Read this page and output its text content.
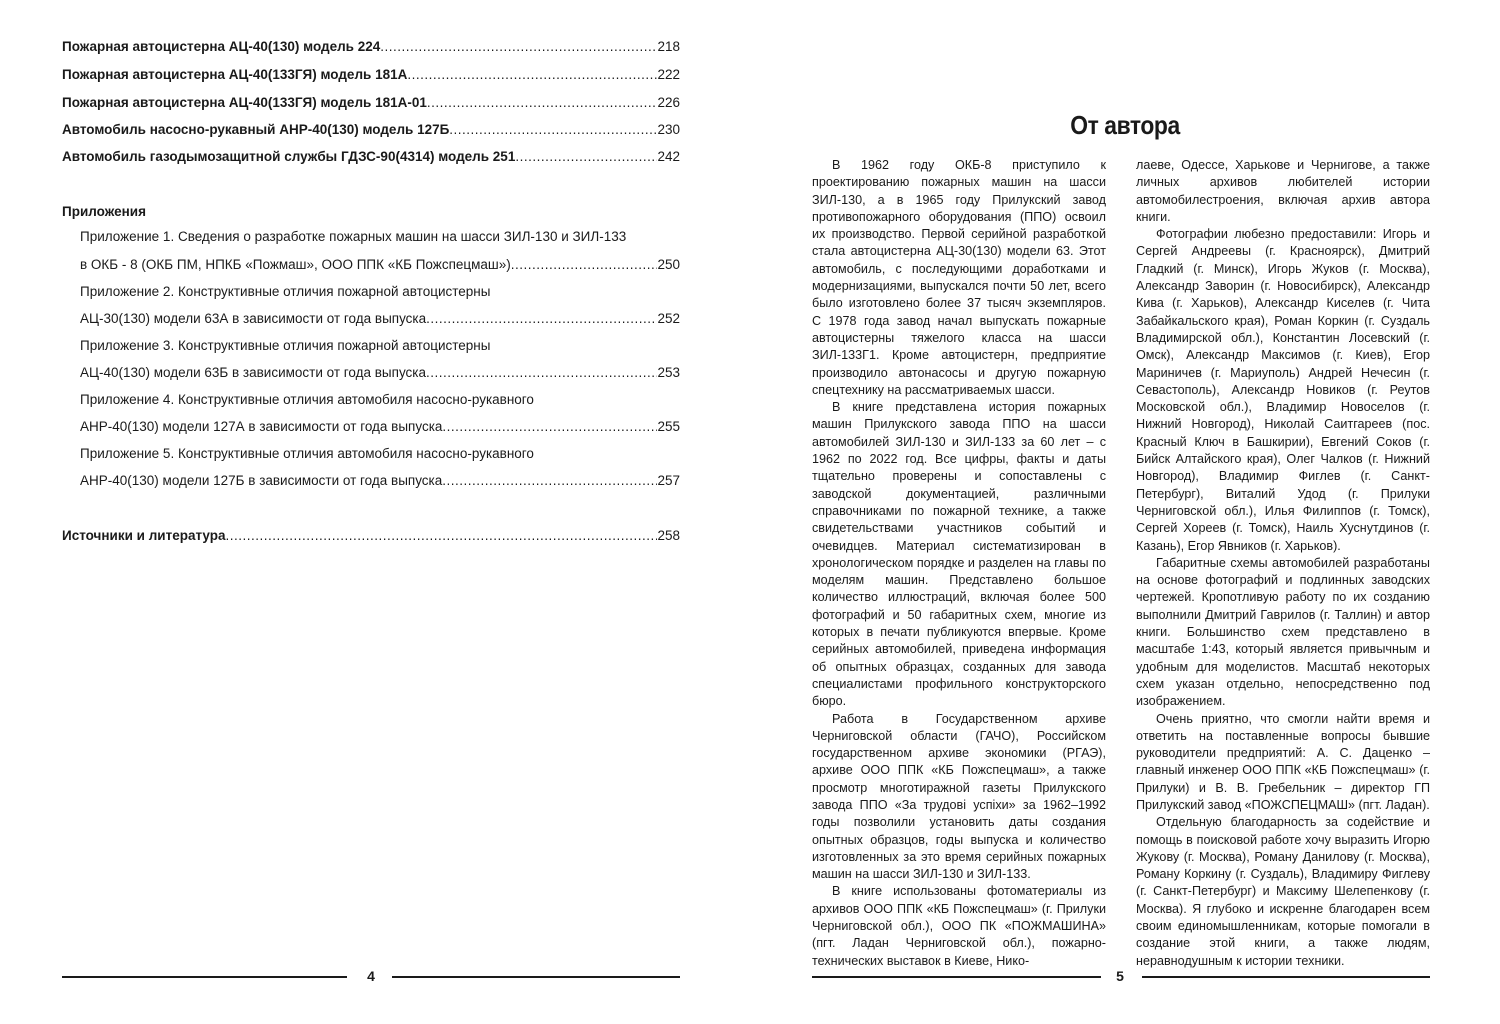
Пожарная автоцистерна АЦ-40(130) модель 224 .....	218
Пожарная автоцистерна АЦ-40(133ГЯ) модель 181А .....	222
Пожарная автоцистерна АЦ-40(133ГЯ) модель 181А-01 .....	226
Автомобиль насосно-рукавный АНР-40(130) модель 127Б .....	230
Автомобиль газодымозащитной службы ГДЗС-90(4314) модель 251 .....	242
Приложения
Приложение 1. Сведения о разработке пожарных машин на шасси ЗИЛ-130 и ЗИЛ-133
в ОКБ - 8 (ОКБ ПМ, НПКБ «Пожмаш», ООО ППК «КБ Пожспецмаш») .....	250
Приложение 2. Конструктивные отличия пожарной автоцистерны
АЦ-30(130) модели 63А в зависимости от года выпуска .....	252
Приложение 3. Конструктивные отличия пожарной автоцистерны
АЦ-40(130) модели 63Б в зависимости от года выпуска .....	253
Приложение 4. Конструктивные отличия автомобиля насосно-рукавного
АНР-40(130) модели 127А в зависимости от года выпуска .....	255
Приложение 5. Конструктивные отличия автомобиля насосно-рукавного
АНР-40(130) модели 127Б в зависимости от года выпуска .....	257
Источники и литература .....	258
4
От автора

В 1962 году ОКБ-8 приступило к проектированию пожарных машин на шасси ЗИЛ-130, а в 1965 году Прилукский завод противопожарного оборудования (ППО) освоил их производство. Первой серийной разработкой стала автоцистерна АЦ-30(130) модели 63. Этот автомобиль, с последующими доработками и модернизациями, выпускался почти 50 лет, всего было изготовлено более 37 тысяч экземпляров. С 1978 года завод начал выпускать пожарные автоцистерны тяжелого класса на шасси ЗИЛ-133Г1. Кроме автоцистерн, предприятие производило автонасосы и другую пожарную спецтехнику на рассматриваемых шасси.

В книге представлена история пожарных машин Прилукского завода ППО на шасси автомобилей ЗИЛ-130 и ЗИЛ-133 за 60 лет – с 1962 по 2022 год. Все цифры, факты и даты тщательно проверены и сопоставлены с заводской документацией, различными справочниками по пожарной технике, а также свидетельствами участников событий и очевидцев. Материал систематизирован в хронологическом порядке и разделен на главы по моделям машин. Представлено большое количество иллюстраций, включая более 500 фотографий и 50 габаритных схем, многие из которых в печати публикуются впервые. Кроме серийных автомобилей, приведена информация об опытных образцах, созданных для завода специалистами профильного конструкторского бюро.

Работа в Государственном архиве Черниговской области (ГАЧО), Российском государственном архиве экономики (РГАЭ), архиве ООО ППК «КБ Пожспецмаш», а также просмотр многотиражной газеты Прилукского завода ППО «За трудові успіхи» за 1962–1992 годы позволили установить даты создания опытных образцов, годы выпуска и количество изготовленных за это время серийных пожарных машин на шасси ЗИЛ-130 и ЗИЛ-133.

В книге использованы фотоматериалы из архивов ООО ППК «КБ Пожспецмаш» (г. Прилуки Черниговской обл.), ООО ПК «ПОЖМАШИНА» (пгт. Ладан Черниговской обл.), пожарно-технических выставок в Киеве, Нико-

лаеве, Одессе, Харькове и Чернигове, а также личных архивов любителей истории автомобилестроения, включая архив автора книги.

Фотографии любезно предоставили: Игорь и Сергей Андреевы (г. Красноярск), Дмитрий Гладкий (г. Минск), Игорь Жуков (г. Москва), Александр Заворин (г. Новосибирск), Александр Кива (г. Харьков), Александр Киселев (г. Чита Забайкальского края), Роман Коркин (г. Суздаль Владимирской обл.), Константин Лосевский (г. Омск), Александр Максимов (г. Киев), Егор Мариничев (г. Мариуполь) Андрей Нечесин (г. Севастополь), Александр Новиков (г. Реутов Московской обл.), Владимир Новоселов (г. Нижний Новгород), Николай Саитгареев (пос. Красный Ключ в Башкирии), Евгений Соков (г. Бийск Алтайского края), Олег Чалков (г. Нижний Новгород), Владимир Фиглев (г. Санкт-Петербург), Виталий Удод (г. Прилуки Черниговской обл.), Илья Филиппов (г. Томск), Сергей Хореев (г. Томск), Наиль Хуснутдинов (г. Казань), Егор Явников (г. Харьков).

Габаритные схемы автомобилей разработаны на основе фотографий и подлинных заводских чертежей. Кропотливую работу по их созданию выполнили Дмитрий Гаврилов (г. Таллин) и автор книги. Большинство схем представлено в масштабе 1:43, который является привычным и удобным для моделистов. Масштаб некоторых схем указан отдельно, непосредственно под изображением.

Очень приятно, что смогли найти время и ответить на поставленные вопросы бывшие руководители предприятий: А. С. Даценко – главный инженер ООО ППК «КБ Пожспецмаш» (г. Прилуки) и В. В. Гребельник – директор ГП Прилукский завод «ПОЖСПЕЦМАШ» (пгт. Ладан).

Отдельную благодарность за содействие и помощь в поисковой работе хочу выразить Игорю Жукову (г. Москва), Роману Данилову (г. Москва), Роману Коркину (г. Суздаль), Владимиру Фиглеву (г. Санкт-Петербург) и Максиму Шелепенкову (г. Москва). Я глубоко и искренне благодарен всем своим единомышленникам, которые помогали в создание этой книги, а также людям, неравнодушным к истории техники.

5
